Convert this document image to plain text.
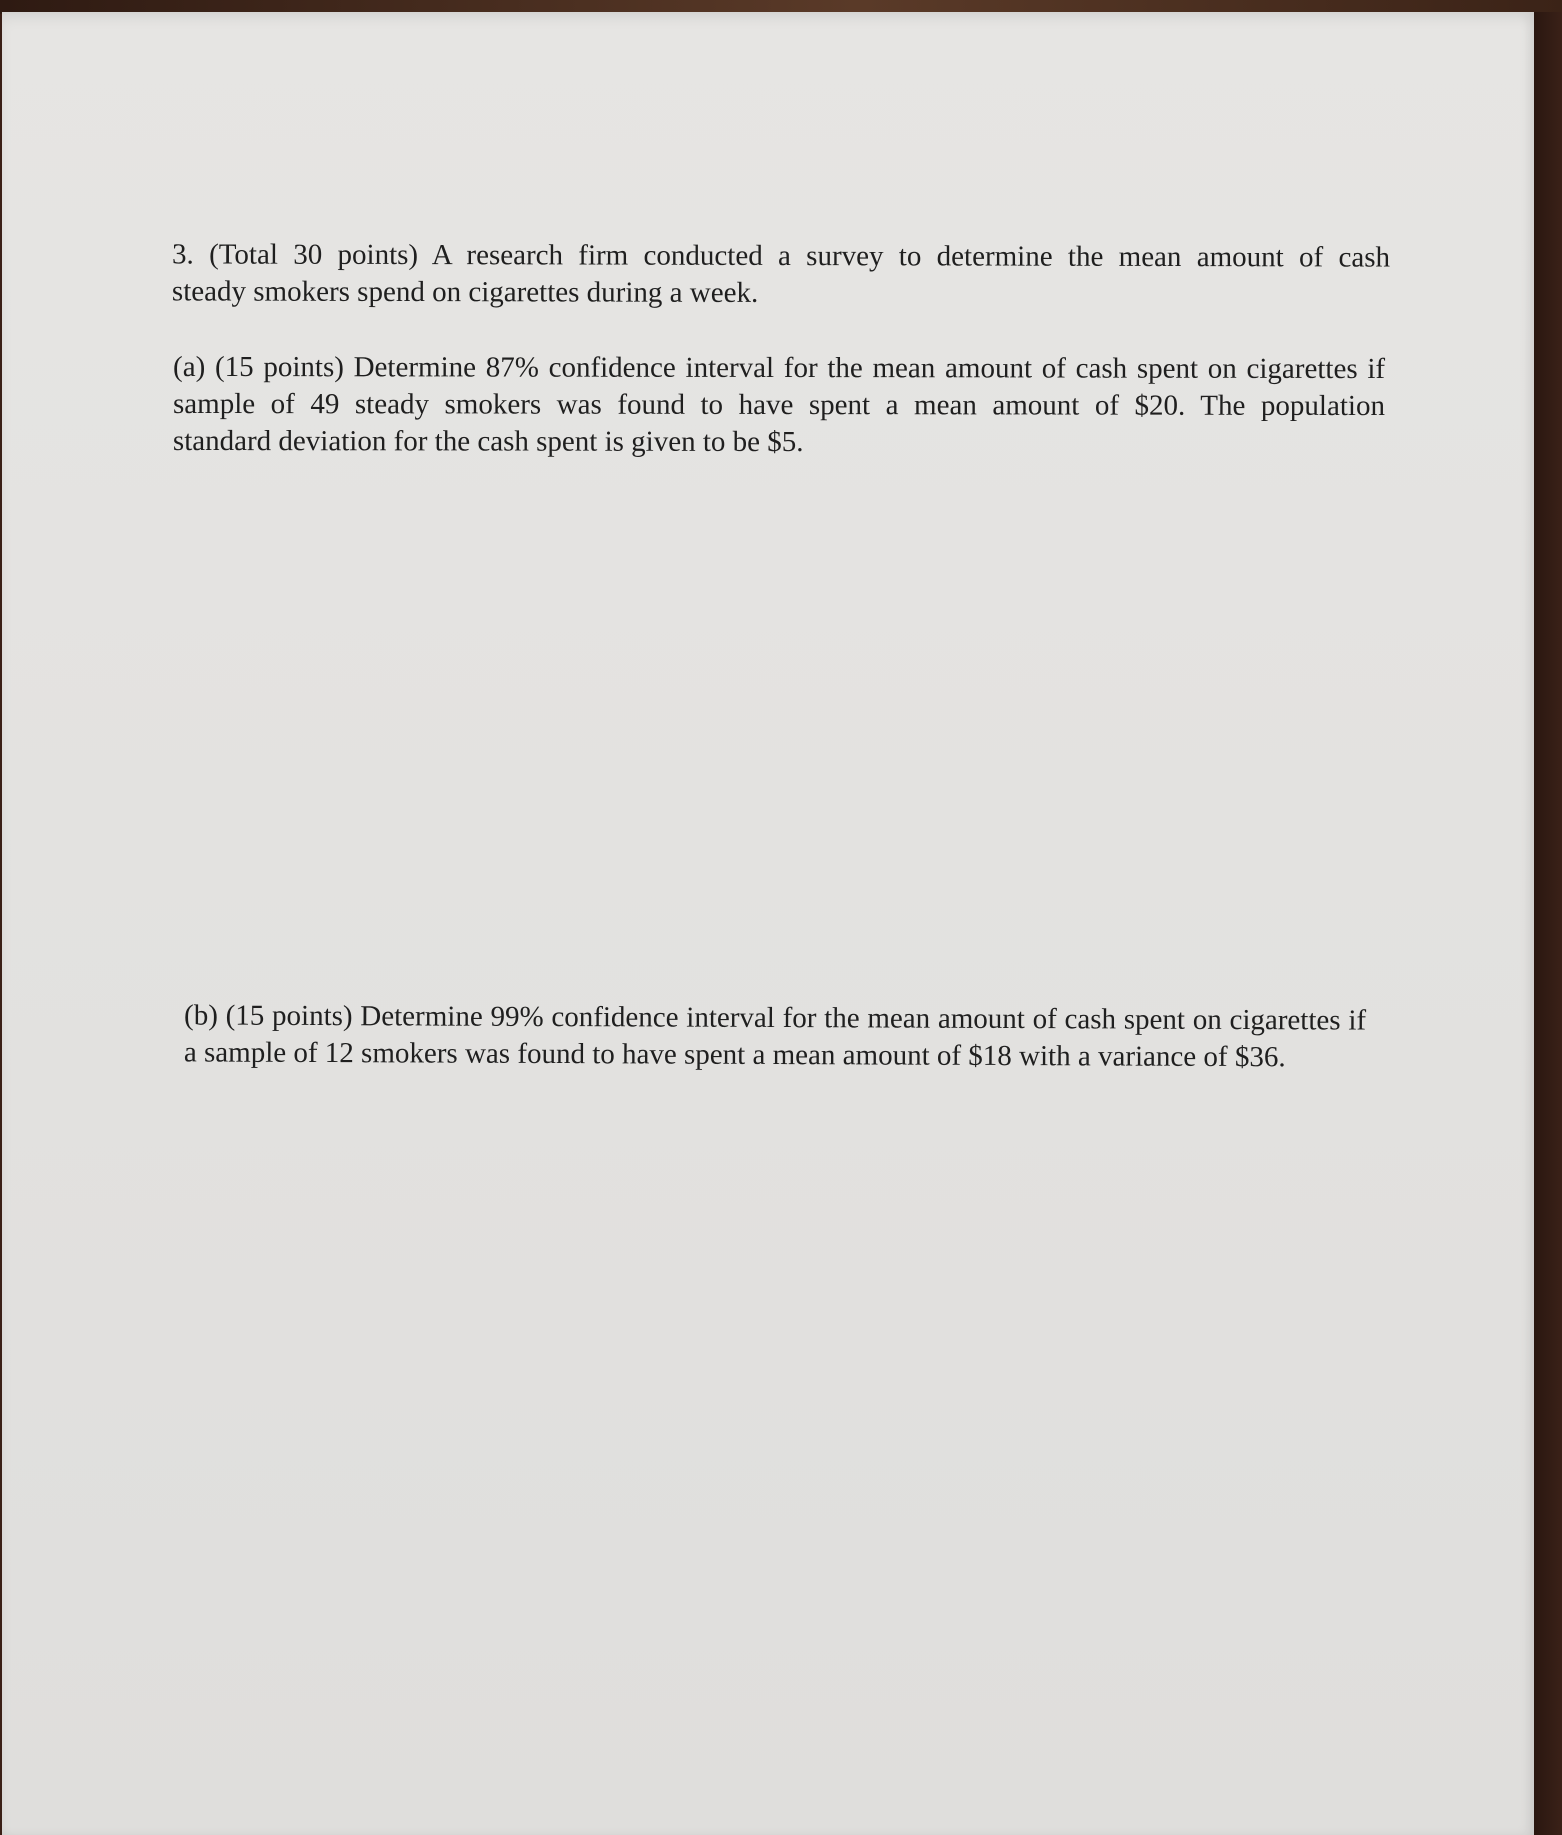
3. (Total 30 points) A research firm conducted a survey to determine the mean amount of cash
steady smokers spend on cigarettes during a week.
(a) (15 points) Determine 87% confidence interval for the mean amount of cash spent on cigarettes if
sample of 49 steady smokers was found to have spent a mean amount of $20. The population
standard deviation for the cash spent is given to be $5.
(b) (15 points) Determine 99% confidence interval for the mean amount of cash spent on cigarettes if
a sample of 12 smokers was found to have spent a mean amount of $18 with a variance of $36.
